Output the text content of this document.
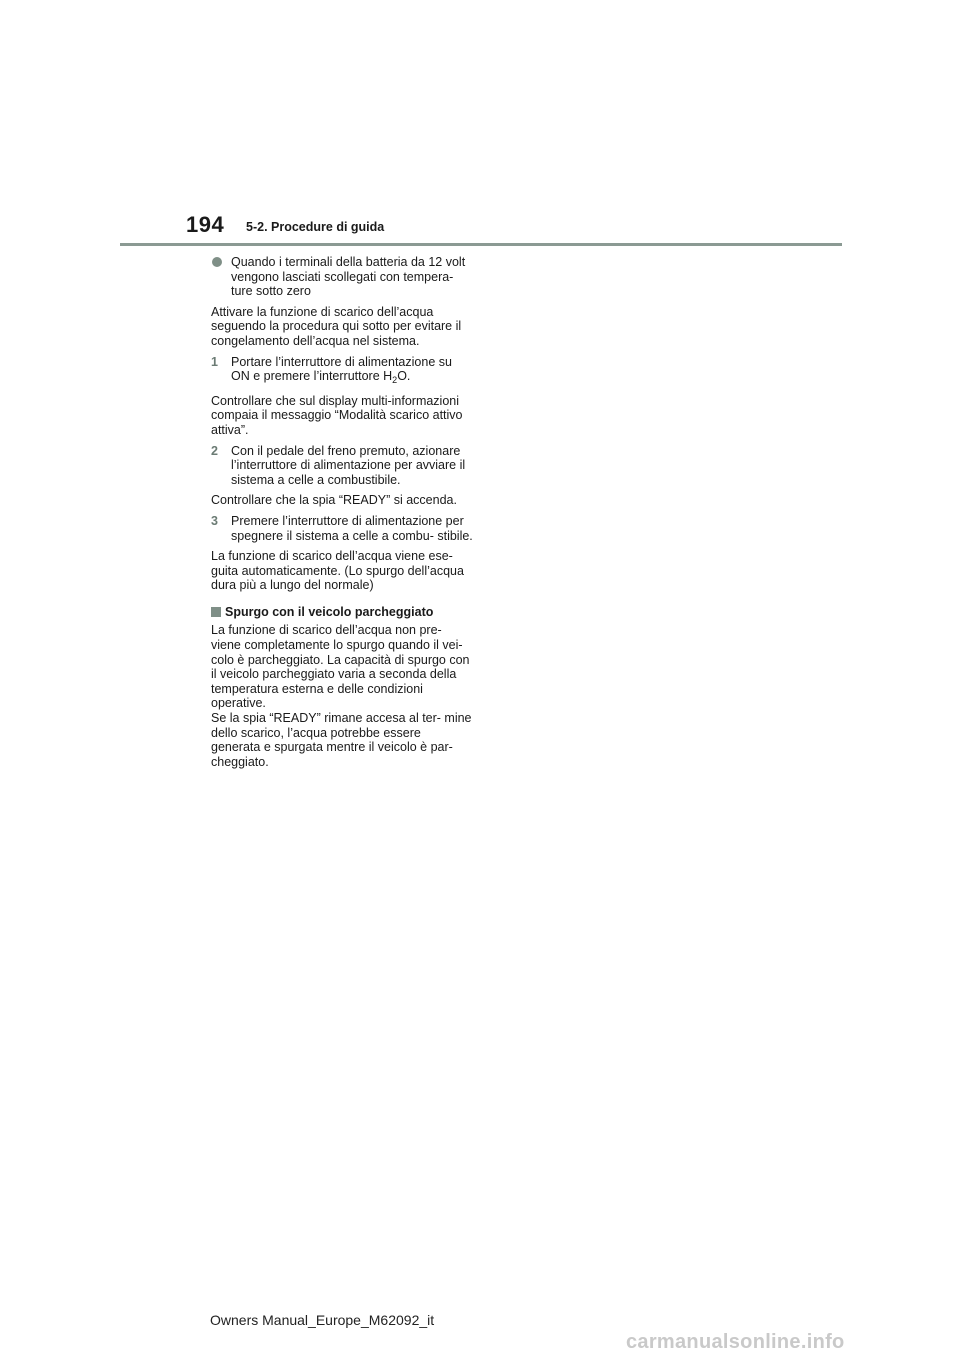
194 5-2. Procedure di guida
Quando i terminali della batteria da 12 volt vengono lasciati scollegati con tempera- ture sotto zero

Attivare la funzione di scarico dell’acqua seguendo la procedura qui sotto per evitare il congelamento dell’acqua nel sistema.

1 Portare l’interruttore di alimentazione su ON e premere l’interruttore $H_2O$.

Controllare che sul display multi-informazioni compaia il messaggio “Modalità scarico attivo attiva”.

2 Con il pedale del freno premuto, azionare l’interruttore di alimentazione per avviare il sistema a celle a combustibile.

Controllare che la spia “READY” si accenda.

3 Premere l’interruttore di alimentazione per spegnere il sistema a celle a combu- stibile.

La funzione di scarico dell’acqua viene ese- guita automaticamente. (Lo spurgo dell’acqua dura più a lungo del normale)

Spurgo con il veicolo parcheggiato

La funzione di scarico dell’acqua non pre- viene completamente lo spurgo quando il vei- colo è parcheggiato. La capacità di spurgo con il veicolo parcheggiato varia a seconda della temperatura esterna e delle condizioni operative.

Se la spia “READY” rimane accesa al ter- mine dello scarico, l’acqua potrebbe essere generata e spurgata mentre il veicolo è par- cheggiato.

Owners Manual_Europe_M62092_it
carmanualsonline.info
